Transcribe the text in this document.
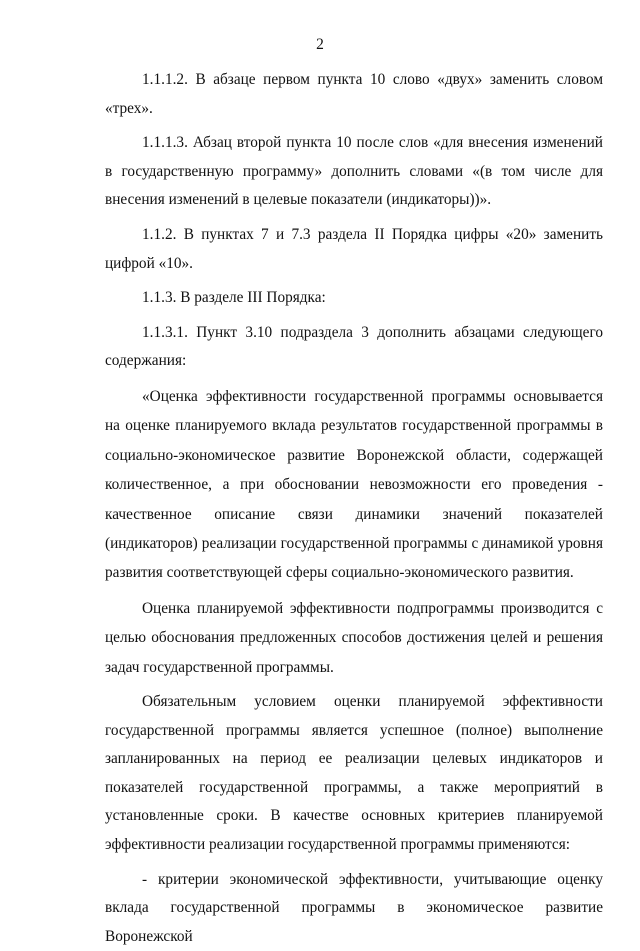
2

1.1.1.2. В абзаце первом пункта 10 слово «двух» заменить словом «трех».

1.1.1.3. Абзац второй пункта 10 после слов «для внесения изменений в государственную программу» дополнить словами «(в том числе для внесения изменений в целевые показатели (индикаторы))».

1.1.2. В пунктах 7 и 7.3 раздела II Порядка цифры «20» заменить цифрой «10».

1.1.3. В разделе III Порядка:

1.1.3.1. Пункт 3.10 подраздела 3 дополнить абзацами следующего содержания:

«Оценка эффективности государственной программы основывается на оценке планируемого вклада результатов государственной программы в социально-экономическое развитие Воронежской области, содержащей количественное, а при обосновании невозможности его проведения - качественное описание связи динамики значений показателей (индикаторов) реализации государственной программы с динамикой уровня развития соответствующей сферы социально-экономического развития.

Оценка планируемой эффективности подпрограммы производится с целью обоснования предложенных способов достижения целей и решения задач государственной программы.

Обязательным условием оценки планируемой эффективности государственной программы является успешное (полное) выполнение запланированных на период ее реализации целевых индикаторов и показателей государственной программы, а также мероприятий в установленные сроки. В качестве основных критериев планируемой эффективности реализации государственной программы применяются:

- критерии экономической эффективности, учитывающие оценку вклада государственной программы в экономическое развитие Воронежской
